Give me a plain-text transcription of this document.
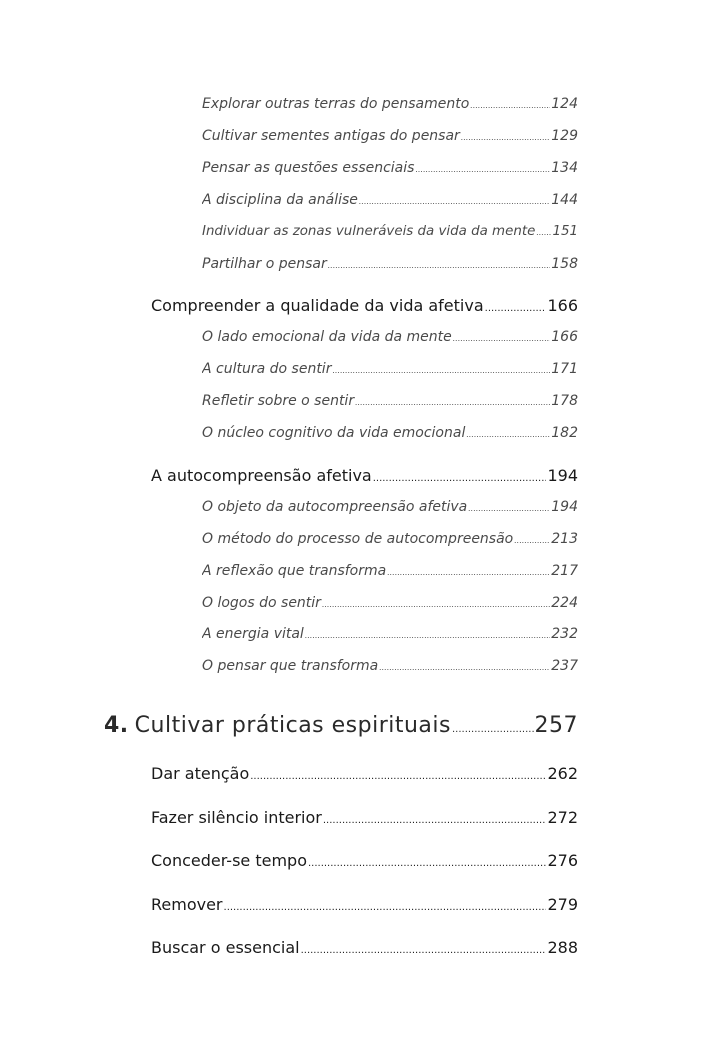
Explorar outras terras do pensamento .....	124
Cultivar sementes antigas do pensar .....	129
Pensar as questões essenciais .....	134
A disciplina da análise .....	144
Individuar as zonas vulneráveis da vida da mente ..... 151
Partilhar o pensar .....	158
Compreender a qualidade da vida afetiva .....	166
O lado emocional da vida da mente .....	166
A cultura do sentir .....	171
Refletir sobre o sentir .....	178
O núcleo cognitivo da vida emocional .....	182
A autocompreensão afetiva .....	194
O objeto da autocompreensão afetiva .....	194
O método do processo de autocompreensão .....	213
A reflexão que transforma .....	217
O logos do sentir .....	224
A energia vital .....	232
O pensar que transforma .....	237
4. Cultivar práticas espirituais .....	257
Dar atenção .....	262
Fazer silêncio interior .....	272
Conceder-se tempo .....	276
Remover .....	279
Buscar o essencial .....	288
